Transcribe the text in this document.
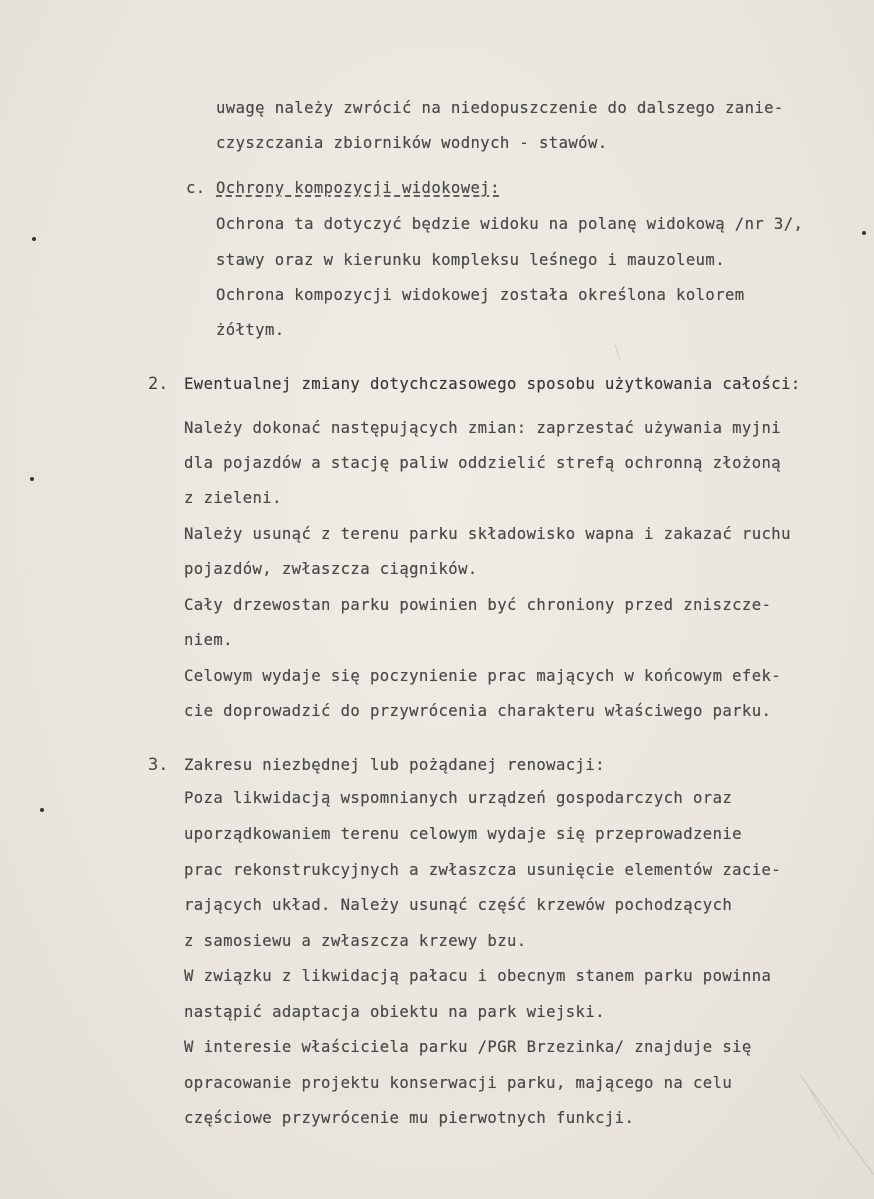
uwagę należy zwrócić na niedopuszczenie do dalszego zanie-
czyszczania zbiorników wodnych - stawów.
c. Ochrony kompozycji widokowej:
Ochrona ta dotyczyć będzie widoku na polanę widokową /nr 3/,
stawy oraz w kierunku kompleksu leśnego i mauzoleum.
Ochrona kompozycji widokowej została określona kolorem
żółtym.
2. Ewentualnej zmiany dotychczasowego sposobu użytkowania całości:
Należy dokonać następujących zmian: zaprzestać używania myjni
dla pojazdów a stację paliw oddzielić strefą ochronną złożoną
z zieleni.
Należy usunąć z terenu parku składowisko wapna i zakazać ruchu
pojazdów, zwłaszcza ciągników.
Cały drzewostan parku powinien być chroniony przed zniszcze-
niem.
Celowym wydaje się poczynienie prac mających w końcowym efek-
cie doprowadzić do przywrócenia charakteru właściwego parku.
3. Zakresu niezbędnej lub pożądanej renowacji:
Poza likwidacją wspomnianych urządzeń gospodarczych oraz
uporządkowaniem terenu celowym wydaje się przeprowadzenie
prac rekonstrukcyjnych a zwłaszcza usunięcie elementów zacie-
rających układ. Należy usunąć część krzewów pochodzących
z samosiewu a zwłaszcza krzewy bzu.
W związku z likwidacją pałacu i obecnym stanem parku powinna
nastąpić adaptacja obiektu na park wiejski.
W interesie właściciela parku /PGR Brzezinka/ znajduje się
opracowanie projektu konserwacji parku, mającego na celu
częściowe przywrócenie mu pierwotnych funkcji.
